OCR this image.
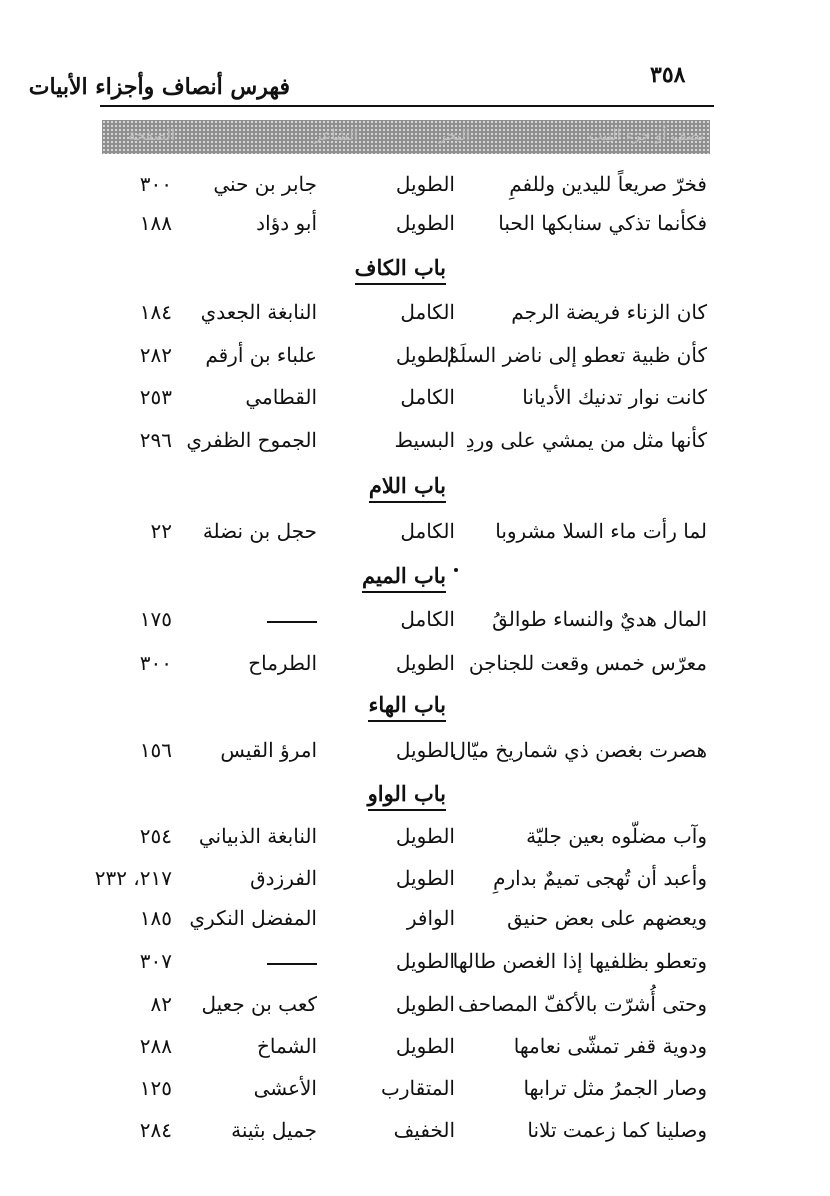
فهرس أنصاف وأجزاء الأبيات	٣٥٨
نصف أو جزء البيت
البحر
الشاعر
الصفحة
فخرّ صريعاً لليدين وللفمِ
الطويل
جابر بن حني
٣٠٠
فكأنما تذكي سنابكها الحبا
الطويل
أبو دؤاد
١٨٨
باب الكاف
كان الزناء فريضة الرجم
الكامل
النابغة الجعدي
١٨٤
كأن ظبية تعطو إلى ناضر السلَمْ
الطويل
علباء بن أرقم
٢٨٢
كانت نوار تدنيك الأديانا
الكامل
القطامي
٢٥٣
كأنها مثل من يمشي على وردِ
البسيط
الجموح الظفري
٢٩٦
باب اللام
لما رأت ماء السلا مشروبا
الكامل
حجل بن نضلة
٢٢
باب الميم
المال هديٌ والنساء طوالقُ
الكامل
١٧٥
معرّس خمس وقعت للجناجن
الطويل
الطرماح
٣٠٠
باب الهاء
هصرت بغصن ذي شماريخ ميّال
الطويل
امرؤ القيس
١٥٦
باب الواو
وآب مضلّوه بعين جليّة
الطويل
النابغة الذبياني
٢٥٤
وأعبد أن تُهجى تميمٌ بدارمِ
الطويل
الفرزدق
٢١٧، ٢٣٢
ويعضهم على بعض حنيق
الوافر
المفضل النكري
١٨٥
وتعطو بظلفيها إذا الغصن طالها
الطويل
٣٠٧
وحتى أُشرّت بالأكفّ المصاحف
الطويل
كعب بن جعيل
٨٢
ودوية قفر تمشّى نعامها
الطويل
الشماخ
٢٨٨
وصار الجمرُ مثل ترابها
المتقارب
الأعشى
١٢٥
وصلينا كما زعمت تلانا
الخفيف
جميل بثينة
٢٨٤
